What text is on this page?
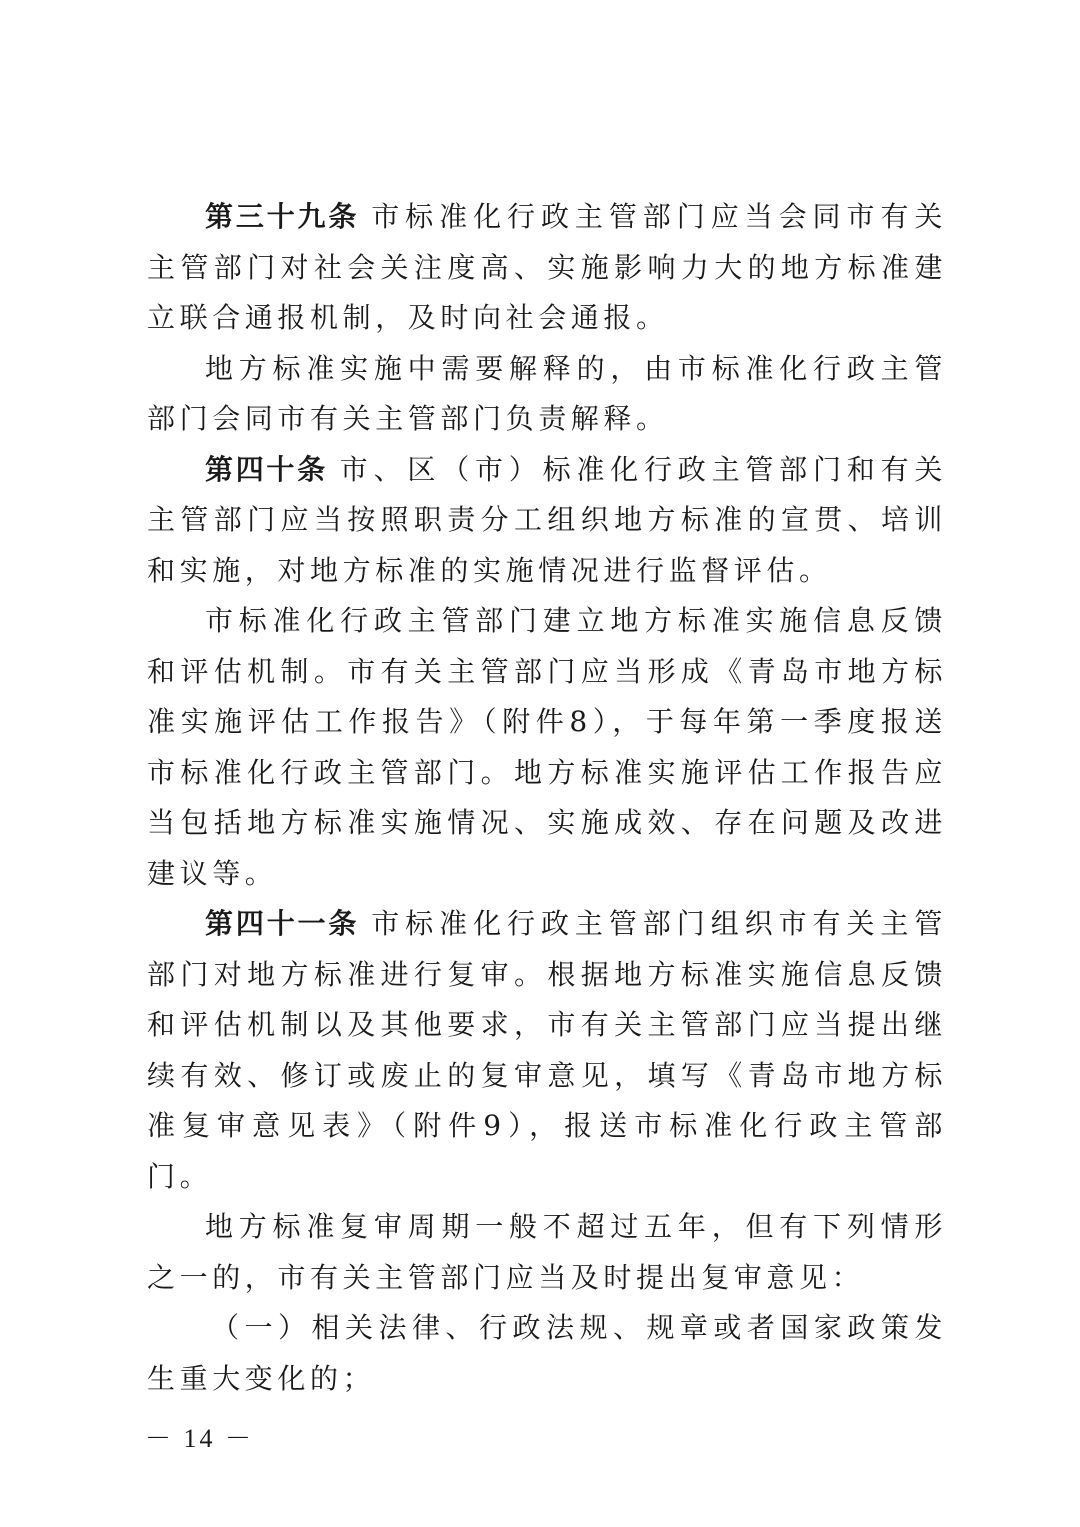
第三十九条 市标准化行政主管部门应当会同市有关主管部门对社会关注度高、实施影响力大的地方标准建立联合通报机制，及时向社会通报。

地方标准实施中需要解释的，由市标准化行政主管部门会同市有关主管部门负责解释。

第四十条 市、区（市）标准化行政主管部门和有关主管部门应当按照职责分工组织地方标准的宣贯、培训和实施，对地方标准的实施情况进行监督评估。

市标准化行政主管部门建立地方标准实施信息反馈和评估机制。市有关主管部门应当形成《青岛市地方标准实施评估工作报告》（附件8），于每年第一季度报送市标准化行政主管部门。地方标准实施评估工作报告应当包括地方标准实施情况、实施成效、存在问题及改进建议等。

第四十一条 市标准化行政主管部门组织市有关主管部门对地方标准进行复审。根据地方标准实施信息反馈和评估机制以及其他要求，市有关主管部门应当提出继续有效、修订或废止的复审意见，填写《青岛市地方标准复审意见表》（附件9），报送市标准化行政主管部门。

地方标准复审周期一般不超过五年，但有下列情形之一的，市有关主管部门应当及时提出复审意见：

（一）相关法律、行政法规、规章或者国家政策发生重大变化的；

－ 14 －
